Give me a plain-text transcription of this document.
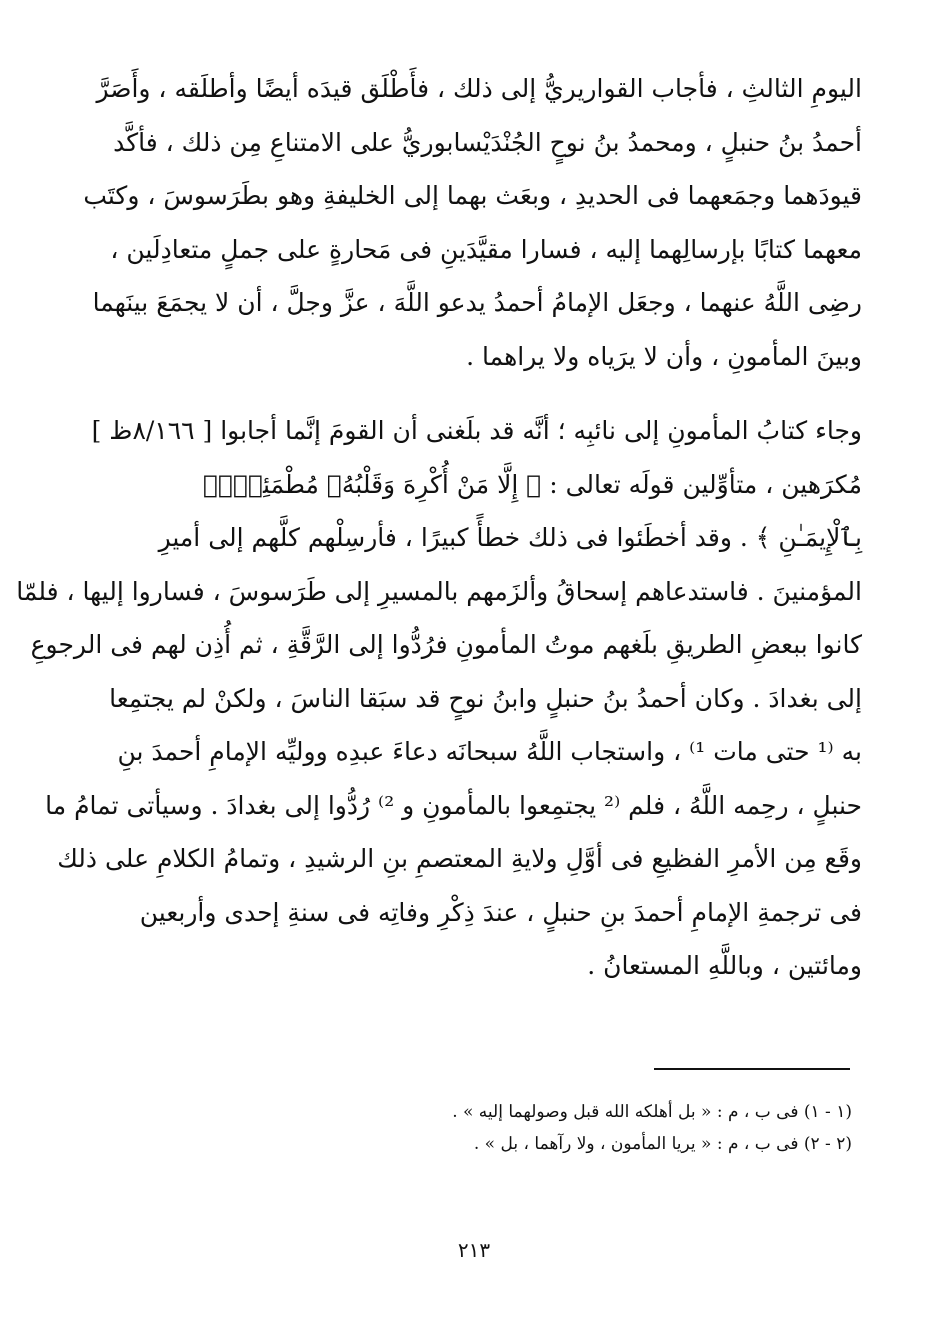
اليومِ الثالثِ ، فأجاب القواريريُّ إلى ذلك ، فأَطْلَق قيدَه أيضًا وأطلَقه ، وأَصَرَّ
أحمدُ بنُ حنبلٍ ، ومحمدُ بنُ نوحٍ الجُنْدَيْسابوريُّ على الامتناعِ مِن ذلك ، فأكَّد
قيودَهما وجمَعهما فى الحديدِ ، وبعَث بهما إلى الخليفةِ وهو بطَرَسوسَ ، وكتَب
معهما كتابًا بإرسالِهما إليه ، فسارا مقيَّدَينِ فى مَحارةٍ على جملٍ متعادِلَين ،
رضِى اللَّهُ عنهما ، وجعَل الإمامُ أحمدُ يدعو اللَّهَ ، عزَّ وجلَّ ، أن لا يجمَعَ بينَهما
وبينَ المأمونِ ، وأن لا يرَياه ولا يراهما .
وجاء كتابُ المأمونِ إلى نائبِه ؛ أنَّه قد بلَغنى أن القومَ إنَّما أجابوا [ ٨/١٦٦ظ ]
مُكرَهين ، متأوِّلين قولَه تعالى : ﴿ إِلَّا مَنْ أُكْرِهَ وَقَلْبُهُۥ مُطْمَئِنٌّۢ
بِٱلْإِيمَـٰنِ ﴾ . وقد أخطَئوا فى ذلك خطأً كبيرًا ، فأرسِلْهم كلَّهم إلى أميرِ
المؤمنينَ . فاستدعاهم إسحاقُ وألزَمهم بالمسيرِ إلى طَرَسوسَ ، فساروا إليها ، فلمّا
كانوا ببعضِ الطريقِ بلَغهم موتُ المأمونِ فرُدُّوا إلى الرَّقَّةِ ، ثم أُذِن لهم فى الرجوعِ
إلى بغدادَ . وكان أحمدُ بنُ حنبلٍ وابنُ نوحٍ قد سبَقا الناسَ ، ولكنْ لم يجتمِعا
به ⁽¹ حتى مات ¹⁾ ، واستجاب اللَّهُ سبحانَه دعاءَ عبدِه ووليِّه الإمامِ أحمدَ بنِ
حنبلٍ ، رحِمه اللَّهُ ، فلم ⁽² يجتمِعوا بالمأمونِ و ²⁾ رُدُّوا إلى بغدادَ . وسيأتى تمامُ ما
وقَع مِن الأمرِ الفظيعِ فى أوَّلِ ولايةِ المعتصمِ بنِ الرشيدِ ، وتمامُ الكلامِ على ذلك
فى ترجمةِ الإمامِ أحمدَ بنِ حنبلٍ ، عندَ ذِكْرِ وفاتِه فى سنةِ إحدى وأربعين
ومائتين ، وباللَّهِ المستعانُ .
(١ - ١) فى ب ، م : « بل أهلكه الله قبل وصولهما إليه » .
(٢ - ٢) فى ب ، م : « يريا المأمون ، ولا رآهما ، بل » .
٢١٣
